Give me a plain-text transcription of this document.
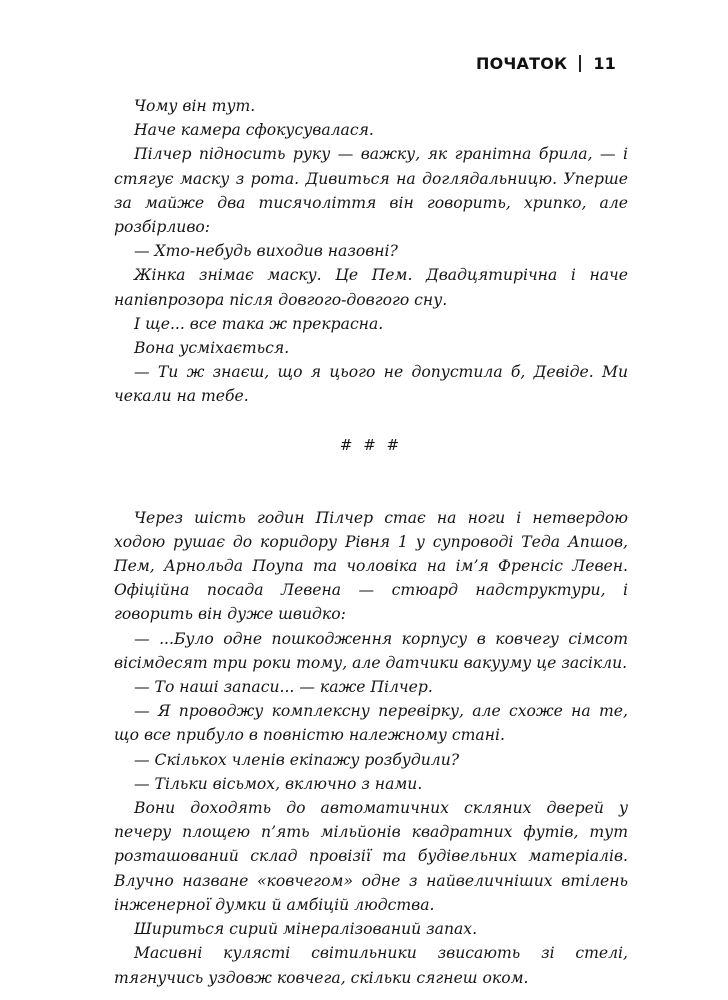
ПОЧАТОК 11

Чому він тут.

Наче камера сфокусувалася.

Пілчер підносить руку — важку, як гранітна брила, — і стягує маску з рота. Дивиться на доглядальницю. Уперше за майже два тисячоліття він говорить, хрипко, але розбірливо:

— Хто-небудь виходив назовні?

Жінка знімає маску. Це Пем. Двадцятирічна і наче напівпрозора після довгого-довгого сну.

І ще... все така ж прекрасна.

Вона усміхається.

— Ти ж знаєш, що я цього не допустила б, Девіде. Ми чекали на тебе.

# # #

Через шість годин Пілчер стає на ноги і нетвердою ходою рушає до коридору Рівня 1 у супроводі Теда Апшов, Пем, Арнольда Поупа та чоловіка на ім’я Френсіс Левен. Офіційна посада Левена — стюард надструктури, і говорить він дуже швидко:

— ...Було одне пошкодження корпусу в ковчегу сімсот вісімдесят три роки тому, але датчики вакууму це засікли.

— То наші запаси... — каже Пілчер.

— Я проводжу комплексну перевірку, але схоже на те, що все прибуло в повністю належному стані.

— Скількох членів екіпажу розбудили?

— Тільки вісьмох, включно з нами.

Вони доходять до автоматичних скляних дверей у печеру площею п’ять мільйонів квадратних футів, тут розташований склад провізії та будівельних матеріалів. Влучно назване «ковчегом» одне з найвеличніших втілень інженерної думки й амбіцій людства.

Шириться сирий мінералізований запах.

Масивні кулясті світильники звисають зі стелі, тягнучись уздовж ковчега, скільки сягнеш оком.
